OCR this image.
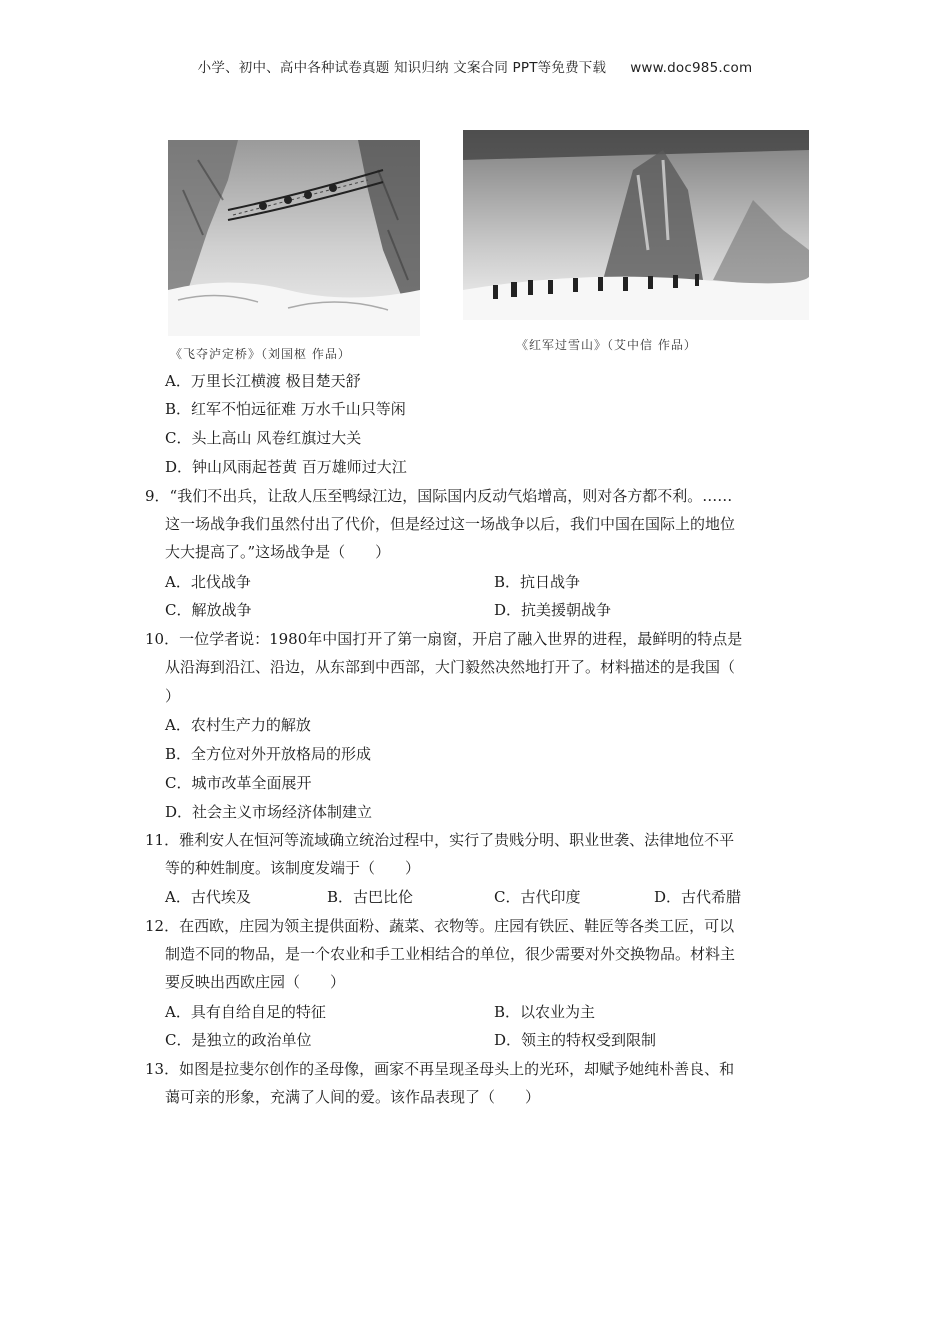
小学、初中、高中各种试卷真题 知识归纳 文案合同 PPT等免费下载 www.doc985.com
《飞夺泸定桥》（刘国枢 作品）
《红军过雪山》（艾中信 作品）
A．万里长江横渡 极目楚天舒
B．红军不怕远征难 万水千山只等闲
C．头上高山 风卷红旗过大关
D．钟山风雨起苍黄 百万雄师过大江
9．“我们不出兵，让敌人压至鸭绿江边，国际国内反动气焰增高，则对各方都不利。……
这一场战争我们虽然付出了代价，但是经过这一场战争以后，我们中国在国际上的地位
大大提高了。”这场战争是（　　）
A．北伐战争	B．抗日战争
C．解放战争	D．抗美援朝战争
10．一位学者说：1980年中国打开了第一扇窗，开启了融入世界的进程，最鲜明的特点是
从沿海到沿江、沿边，从东部到中西部，大门毅然决然地打开了。材料描述的是我国（
）
A．农村生产力的解放
B．全方位对外开放格局的形成
C．城市改革全面展开
D．社会主义市场经济体制建立
11．雅利安人在恒河等流域确立统治过程中，实行了贵贱分明、职业世袭、法律地位不平
等的种姓制度。该制度发端于（　　）
A．古代埃及	B．古巴比伦	C．古代印度	D．古代希腊
12．在西欧，庄园为领主提供面粉、蔬菜、衣物等。庄园有铁匠、鞋匠等各类工匠，可以
制造不同的物品，是一个农业和手工业相结合的单位，很少需要对外交换物品。材料主
要反映出西欧庄园（　　）
A．具有自给自足的特征	B．以农业为主
C．是独立的政治单位	D．领主的特权受到限制
13．如图是拉斐尔创作的圣母像，画家不再呈现圣母头上的光环，却赋予她纯朴善良、和
蔼可亲的形象，充满了人间的爱。该作品表现了（　　）
